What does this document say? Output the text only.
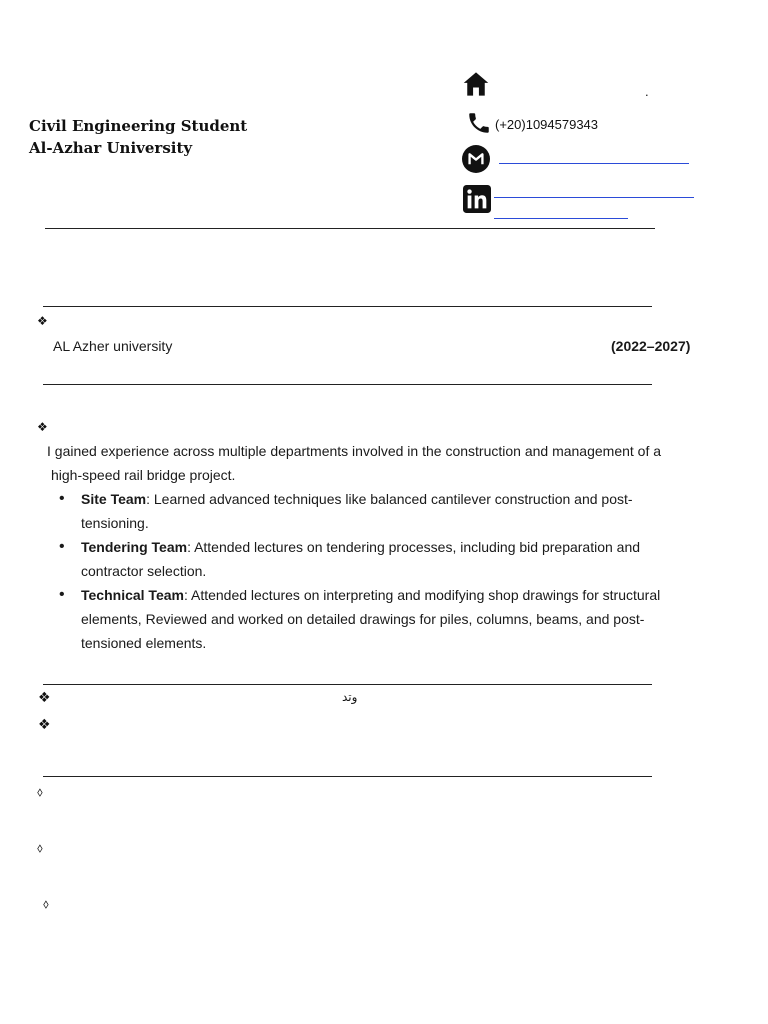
Civil Engineering Student
Al-Azhar University
.
(+20)1094579343
❖
AL Azher university	(2022–2027)
❖
I gained experience across multiple departments involved in the construction and management of a
high-speed rail bridge project.
• Site Team: Learned advanced techniques like balanced cantilever construction and post-
tensioning.
• Tendering Team: Attended lectures on tendering processes, including bid preparation and
contractor selection.
• Technical Team: Attended lectures on interpreting and modifying shop drawings for structural
elements, Reviewed and worked on detailed drawings for piles, columns, beams, and post-
tensioned elements.
❖	وتد
❖
⬨
⬨
⬨
